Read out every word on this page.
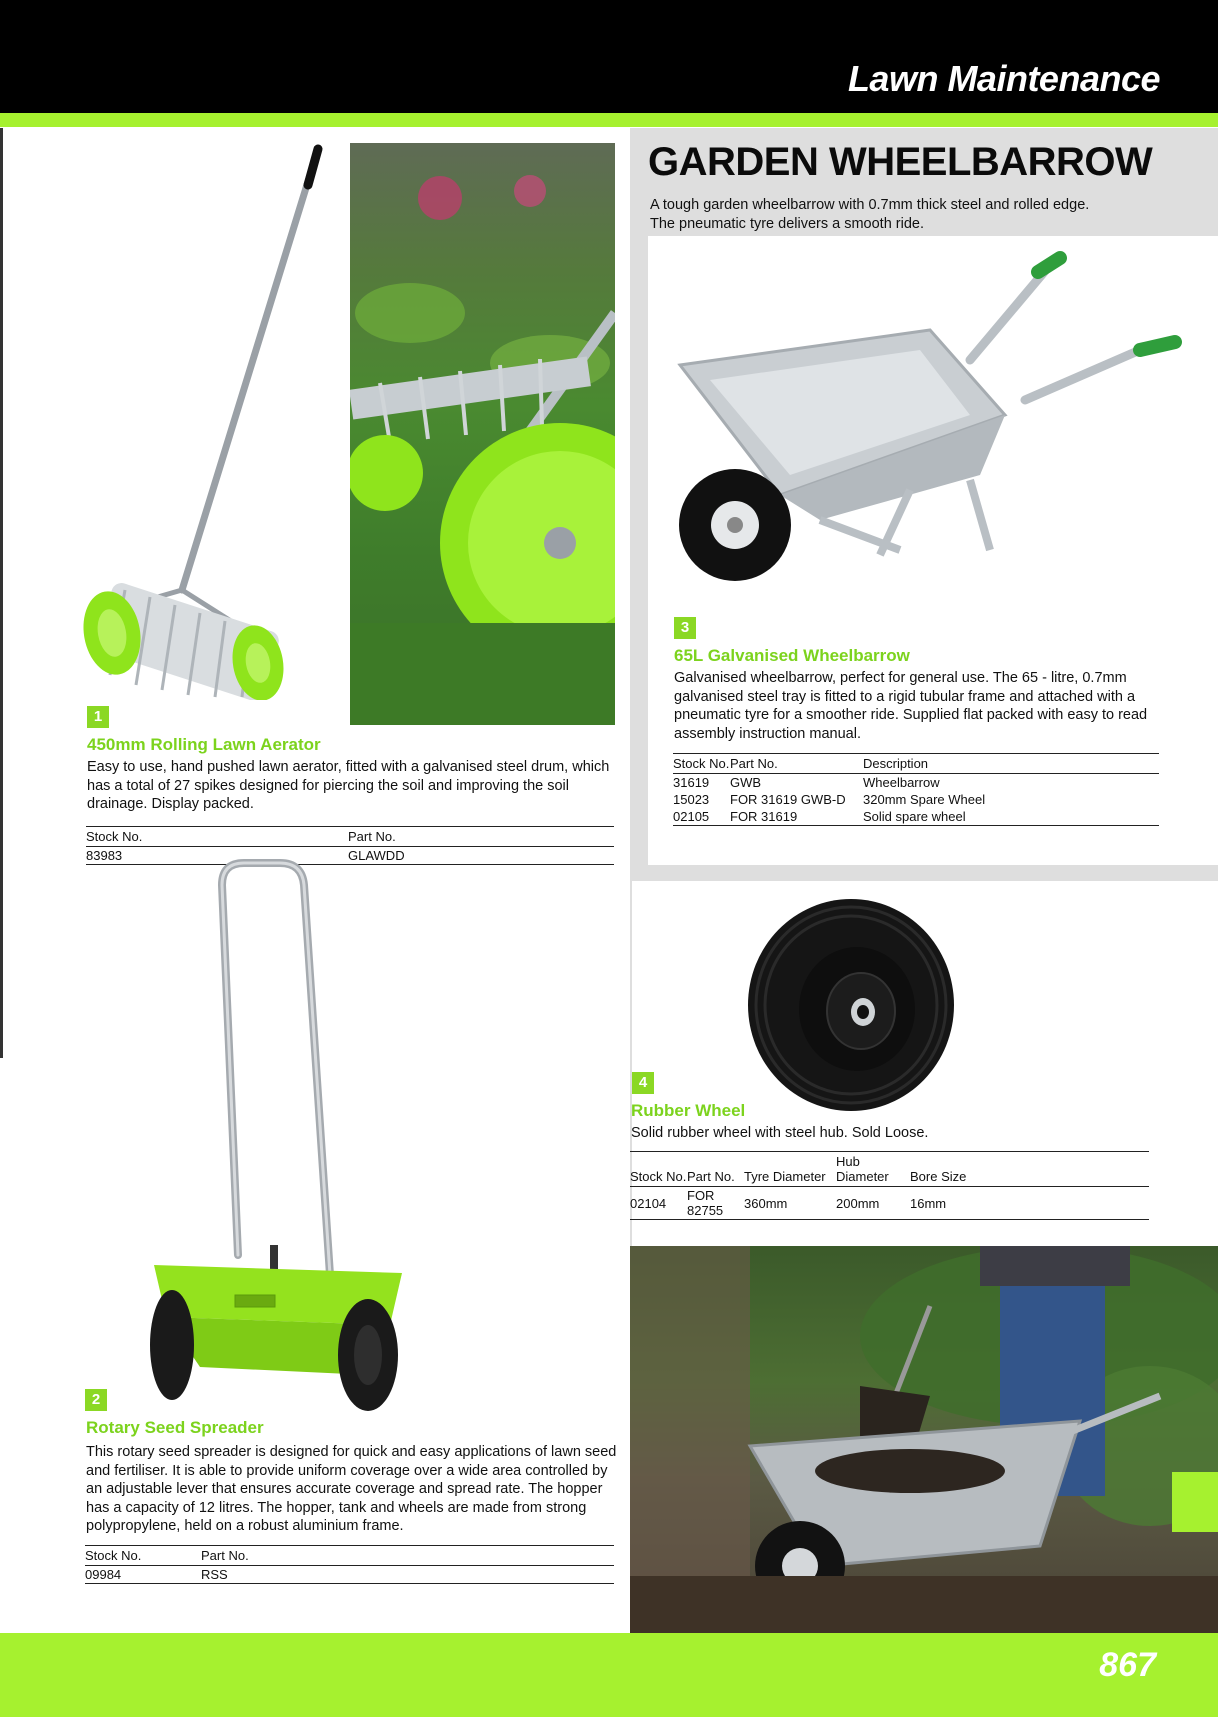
Lawn Maintenance
GARDEN WHEELBARROW
A tough garden wheelbarrow with 0.7mm thick steel and rolled edge.
The pneumatic tyre delivers a smooth ride.
1
450mm Rolling Lawn Aerator
Easy to use, hand pushed lawn aerator, fitted with a galvanised steel drum, which
has a total of 27 spikes designed for piercing the soil and improving the soil
drainage. Display packed.
Stock No.	Part No.
83983	GLAWDD
2
Rotary Seed Spreader
This rotary seed spreader is designed for quick and easy applications of lawn seed
and fertiliser. It is able to provide uniform coverage over a wide area controlled by
an adjustable lever that ensures accurate coverage and spread rate. The hopper
has a capacity of 12 litres. The hopper, tank and wheels are made from strong
polypropylene, held on a robust aluminium frame.
Stock No.	Part No.
09984	RSS
3
65L Galvanised Wheelbarrow
Galvanised wheelbarrow, perfect for general use. The 65 - litre, 0.7mm
galvanised steel tray is fitted to a rigid tubular frame and attached with a
pneumatic tyre for a smoother ride. Supplied flat packed with easy to read
assembly instruction manual.
Stock No.	Part No.	Description
31619	GWB	Wheelbarrow
15023	FOR 31619 GWB-D	320mm Spare Wheel
02105	FOR 31619	Solid spare wheel
4
Rubber Wheel
Solid rubber wheel with steel hub. Sold Loose.
Stock No.	Part No.	Tyre Diameter	Hub Diameter	Bore Size
02104	FOR 82755	360mm	200mm	16mm
867
